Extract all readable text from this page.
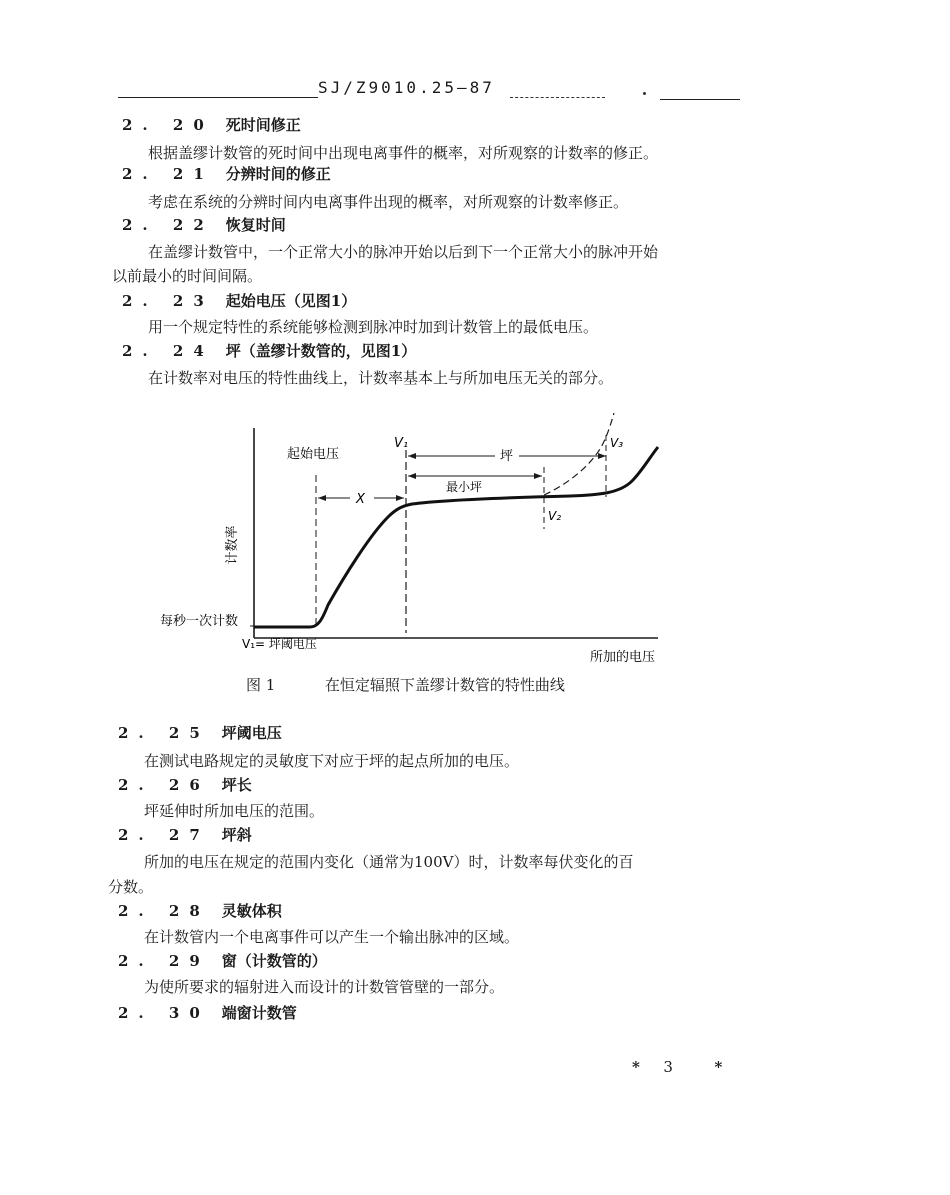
SJ/Z9010.25—87
2. 20 死时间修正
根据盖缪计数管的死时间中出现电离事件的概率，对所观察的计数率的修正。
2. 21 分辨时间的修正
考虑在系统的分辨时间内电离事件出现的概率，对所观察的计数率修正。
2. 22 恢复时间
在盖缪计数管中，一个正常大小的脉冲开始以后到下一个正常大小的脉冲开始
以前最小的时间间隔。
2. 23 起始电压（见图1）
用一个规定特性的系统能够检测到脉冲时加到计数管上的最低电压。
2. 24 坪（盖缪计数管的，见图1）
在计数率对电压的特性曲线上，计数率基本上与所加电压无关的部分。
计数率
每秒一次计数
V₁= 坪阈电压
起始电压
V₁
X
坪
最小坪
V₂
V₃
所加的电压
图 1	在恒定辐照下盖缪计数管的特性曲线
2. 25 坪阈电压
在测试电路规定的灵敏度下对应于坪的起点所加的电压。
2. 26 坪长
坪延伸时所加电压的范围。
2. 27 坪斜
所加的电压在规定的范围内变化（通常为100V）时，计数率每伏变化的百
分数。
2. 28 灵敏体积
在计数管内一个电离事件可以产生一个输出脉冲的区域。
2. 29 窗（计数管的）
为使所要求的辐射进入而设计的计数管管壁的一部分。
2. 30 端窗计数管
* 3	*
